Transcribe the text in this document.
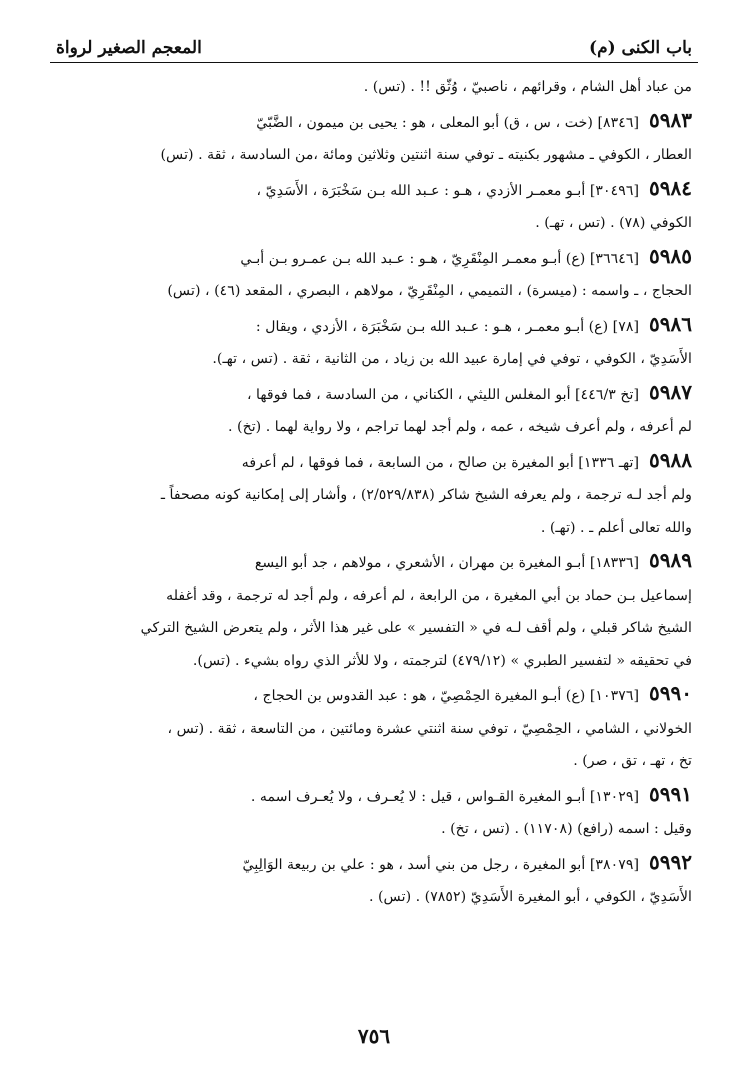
باب الكنى (م)
المعجم الصغير لرواة
من عباد أهل الشام ، وقرائهم ، ناصبيّ ، وُثّق !! . (تس) .
٥٩٨٣[٨٣٤٦] (خت ، س ، ق) أبو المعلى ، هو : يحيى بن ميمون ، الضَّبّيّ
العطار ، الكوفي ـ مشهور بكنيته ـ توفي سنة اثنتين وثلاثين ومائة ،من السادسة ، ثقة . (تس)
٥٩٨٤[٣٠٤٩٦] أبـو معمـر الأزدي ، هـو : عـبد الله بـن سَخْبَرَة ، الأَسَدِيّ ،
الكوفي (٧٨) . (تس ، تهـ) .
٥٩٨٥[٣٦٦٤٦] (ع) أبـو معمـر المِنْقَرِيّ ، هـو : عـبد الله بـن عمـرو بـن أبـي
الحجاج ، ـ واسمه : (ميسرة) ، التميمي ، المِنْقَرِيّ ، مولاهم ، البصري ، المقعد (٤٦) ، (تس)
٥٩٨٦[٧٨] (ع) أبـو معمـر ، هـو : عـبد الله بـن سَخْبَرَة ، الأزدي ، ويقال :
الأَسَدِيّ ، الكوفي ، توفي في إمارة عبيد الله بن زياد ، من الثانية ، ثقة . (تس ، تهـ).
٥٩٨٧[تخ ٤٤٦/٣] أبو المغلس الليثي ، الكناني ، من السادسة ، فما فوقها ،
لم أعرفه ، ولم أعرف شيخه ، عمه ، ولم أجد لهما تراجم ، ولا رواية لهما . (تخ) .
٥٩٨٨[تهـ ١٣٣٦] أبو المغيرة بن صالح ، من السابعة ، فما فوقها ، لم أعرفه
ولم أجد لـه ترجمة ، ولم يعرفه الشيخ شاكر (٢/٥٢٩/٨٣٨) ، وأشار إلى إمكانية كونه مصحفاً ـ
والله تعالى أعلم ـ . (تهـ) .
٥٩٨٩[١٨٣٣٦] أبـو المغيرة بن مهران ، الأشعري ، مولاهم ، جد أبو اليسع
إسماعيل بـن حماد بن أبي المغيرة ، من الرابعة ، لم أعرفه ، ولم أجد له ترجمة ، وقد أغفله
الشيخ شاكر قبلي ، ولم أقف لـه في « التفسير » على غير هذا الأثر ، ولم يتعرض الشيخ التركي
في تحقيقه « لتفسير الطبري » (٤٧٩/١٢) لترجمته ، ولا للأثر الذي رواه بشيء . (تس).
٥٩٩٠[١٠٣٧٦] (ع) أبـو المغيرة الحِمْصِيّ ، هو : عبد القدوس بن الحجاج ،
الخولاني ، الشامي ، الحِمْصِيّ ، توفي سنة اثنتي عشرة ومائتين ، من التاسعة ، ثقة . (تس ،
تخ ، تهـ ، تق ، صر) .
٥٩٩١[١٣٠٢٩] أبـو المغيرة القـواس ، قيل : لا يُعـرف ، ولا يُعـرف اسمه .
وقيل : اسمه (رافع) (١١٧٠٨) . (تس ، تخ) .
٥٩٩٢[٣٨٠٧٩] أبو المغيرة ، رجل من بني أسد ، هو : علي بن ربيعة الوَالِبِيّ
الأَسَدِيّ ، الكوفي ، أبو المغيرة الأَسَدِيّ (٧٨٥٢) . (تس) .
٧٥٦
